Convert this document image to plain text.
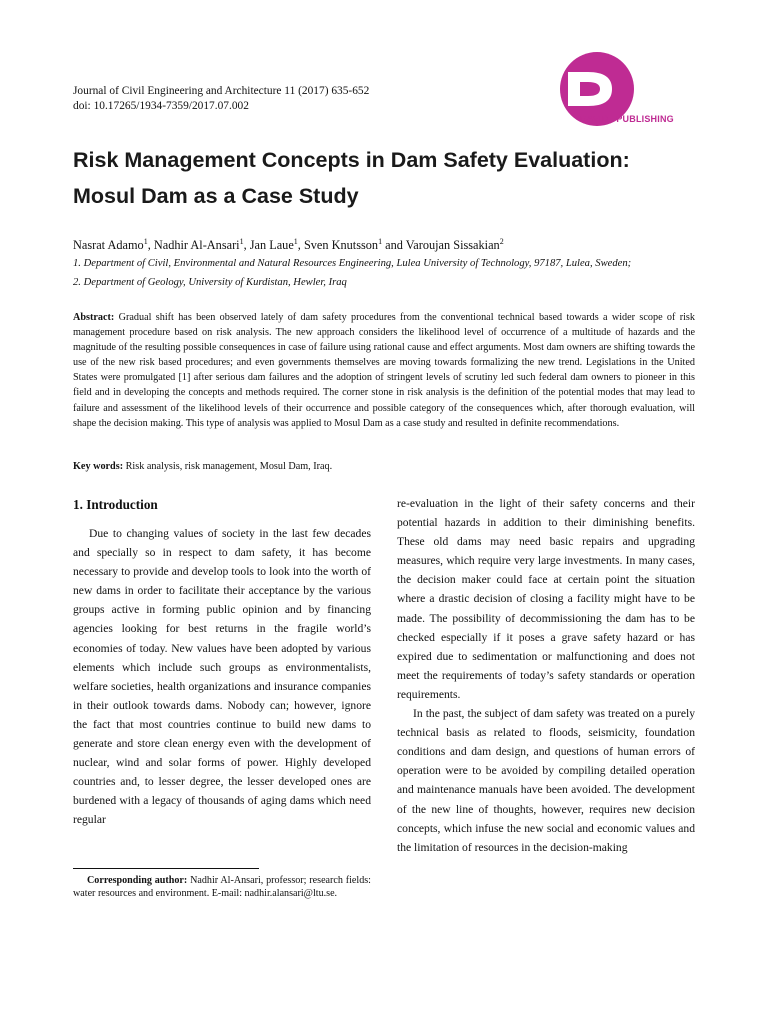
Journal of Civil Engineering and Architecture 11 (2017) 635-652
doi: 10.17265/1934-7359/2017.07.002
DAVID PUBLISHING
Risk Management Concepts in Dam Safety Evaluation:
Mosul Dam as a Case Study
Nasrat Adamo$^1$, Nadhir Al-Ansari$^1$, Jan Laue$^1$, Sven Knutsson$^1$ and Varoujan Sissakian$^2$
1. Department of Civil, Environmental and Natural Resources Engineering, Lulea University of Technology, 97187, Lulea, Sweden;
2. Department of Geology, University of Kurdistan, Hewler, Iraq

Abstract: Gradual shift has been observed lately of dam safety procedures from the conventional technical based towards a wider scope of risk management procedure based on risk analysis. The new approach considers the likelihood level of occurrence of a multitude of hazards and the magnitude of the resulting possible consequences in case of failure using rational cause and effect arguments. Most dam owners are shifting towards the use of the new risk based procedures; and even governments themselves are moving towards formalizing the new trend. Legislations in the United States were promulgated [1] after serious dam failures and the adoption of stringent levels of scrutiny led such federal dam owners to pioneer in this field and in developing the concepts and methods required. The corner stone in risk analysis is the definition of the potential modes that may lead to failure and assessment of the likelihood levels of their occurrence and possible category of the consequences which, after thorough evaluation, will shape the decision making. This type of analysis was applied to Mosul Dam as a case study and resulted in definite recommendations.

Key words: Risk analysis, risk management, Mosul Dam, Iraq.
1. Introduction

Due to changing values of society in the last few decades and specially so in respect to dam safety, it has become necessary to provide and develop tools to look into the worth of new dams in order to facilitate their acceptance by the various groups active in forming public opinion and by financing agencies looking for best returns in the fragile world’s economies of today. New values have been adopted by various elements which include such groups as environmentalists, welfare societies, health organizations and insurance companies in their outlook towards dams. Nobody can; however, ignore the fact that most countries continue to build new dams to generate and store clean energy even with the development of nuclear, wind and solar forms of power. Highly developed countries and, to lesser degree, the lesser developed ones are burdened with a legacy of thousands of aging dams which need regular

re-evaluation in the light of their safety concerns and their potential hazards in addition to their diminishing benefits. These old dams may need basic repairs and upgrading measures, which require very large investments. In many cases, the decision maker could face at certain point the situation where a drastic decision of closing a facility might have to be made. The possibility of decommissioning the dam has to be checked especially if it poses a grave safety hazard or has expired due to sedimentation or malfunctioning and does not meet the requirements of today’s safety standards or operation requirements.

In the past, the subject of dam safety was treated on a purely technical basis as related to floods, seismicity, foundation conditions and dam design, and questions of human errors of operation were to be avoided by compiling detailed operation and maintenance manuals have been avoided. The development of the new line of thoughts, however, requires new decision concepts, which infuse the new social and economic values and the limitation of resources in the decision-making

Corresponding author: Nadhir Al-Ansari, professor; research fields: water resources and environment. E-mail: nadhir.alansari@ltu.se.
